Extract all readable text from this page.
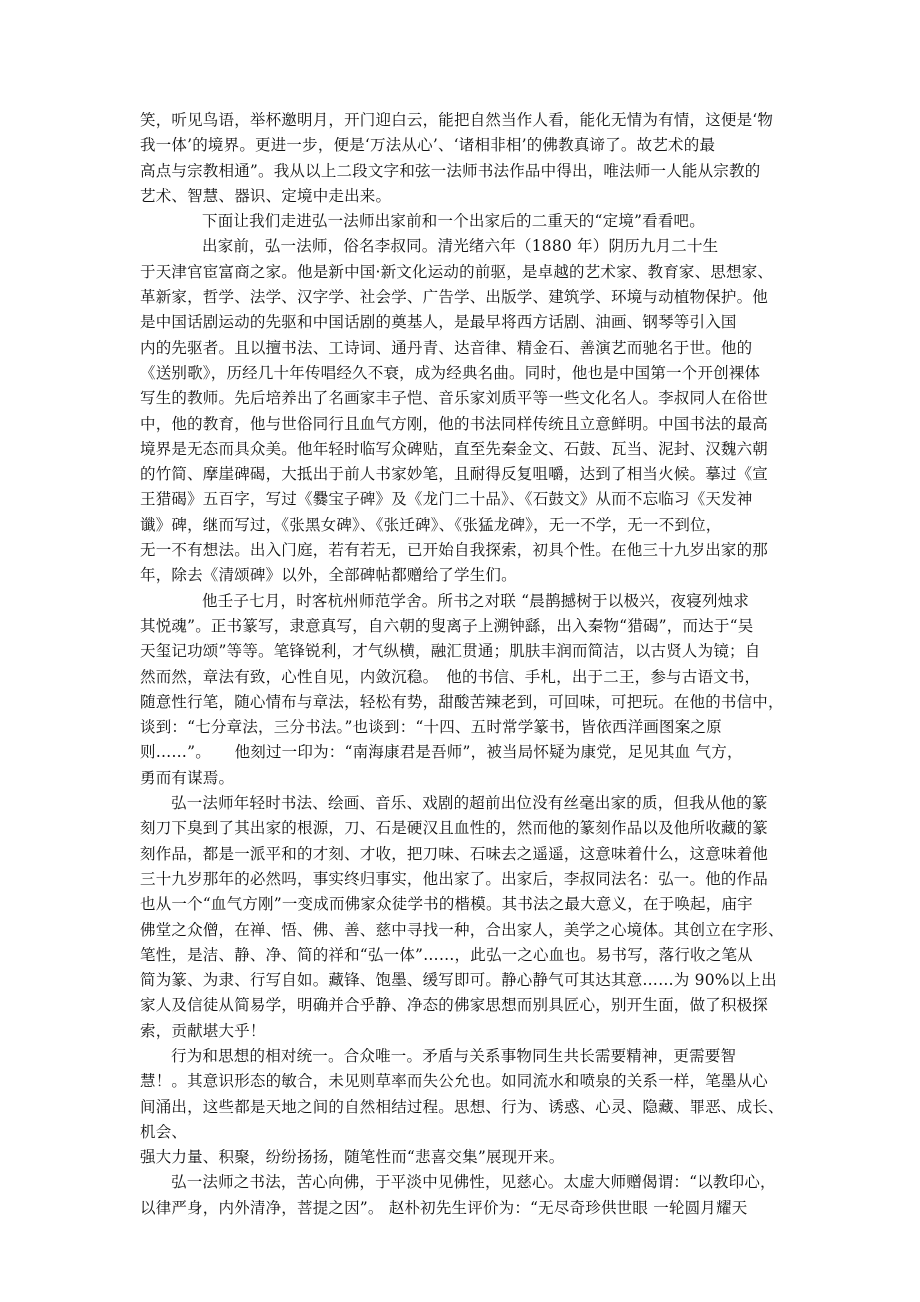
笑，听见鸟语，举杯邀明月，开门迎白云，能把自然当作人看，能化无情为有情，这便是‘物
我一体’的境界。更进一步，便是‘万法从心’、‘诸相非相’的佛教真谛了。故艺术的最
高点与宗教相通”。我从以上二段文字和弦一法师书法作品中得出，唯法师一人能从宗教的
艺术、智慧、器识、定境中走出来。

下面让我们走进弘一法师出家前和一个出家后的二重天的“定境”看看吧。

出家前，弘一法师，俗名李叔同。清光绪六年（1880 年）阴历九月二十生
于天津官宦富商之家。他是新中国·新文化运动的前驱，是卓越的艺术家、教育家、思想家、
革新家，哲学、法学、汉字学、社会学、广告学、出版学、建筑学、环境与动植物保护。他
是中国话剧运动的先驱和中国话剧的奠基人，是最早将西方话剧、油画、钢琴等引入国
内的先驱者。且以擅书法、工诗词、通丹青、达音律、精金石、善演艺而驰名于世。他的
《送别歌》，历经几十年传唱经久不衰，成为经典名曲。同时，他也是中国第一个开创裸体
写生的教师。先后培养出了名画家丰子恺、音乐家刘质平等一些文化名人。李叔同人在俗世
中，他的教育，他与世俗同行且血气方刚，他的书法同样传统且立意鲜明。中国书法的最高
境界是无态而具众美。他年轻时临写众碑贴，直至先秦金文、石鼓、瓦当、泥封、汉魏六朝
的竹简、摩崖碑碣，大抵出于前人书家妙笔，且耐得反复咀嚼，达到了相当火候。摹过《宣
王猎碣》五百字，写过《爨宝子碑》及《龙门二十品》、《石鼓文》从而不忘临习《天发神
谶》碑，继而写过，《张黑女碑》、《张迁碑》、《张猛龙碑》，无一不学，无一不到位，
无一不有想法。出入门庭，若有若无，已开始自我探索，初具个性。在他三十九岁出家的那
年，除去《清颂碑》以外，全部碑帖都赠给了学生们。

他壬子七月，时客杭州师范学舍。所书之对联 “晨鹊撼树于以极兴，夜寝列烛求
其悦魂”。正书篆写，隶意真写，自六朝的叟离子上溯钟繇，出入秦物“猎碣”，而达于“吴
天玺记功颂”等等。笔锋锐利，才气纵横，融汇贯通；肌肤丰润而简洁，以古贤人为镜；自
然而然，章法有致，心性自见，内敛沉稳。　他的书信、手札，出于二王，参与古语文书，
随意性行笔，随心情布与章法，轻松有势，甜酸苦辣老到，可回味，可把玩。在他的书信中，
谈到：“七分章法，三分书法。”也谈到：“十四、五时常学篆书，皆依西洋画图案之原
则……”。　　他刻过一印为：“南海康君是吾师”，被当局怀疑为康党，足见其血 气方，
勇而有谋焉。

弘一法师年轻时书法、绘画、音乐、戏剧的超前出位没有丝毫出家的质，但我从他的篆
刻刀下臭到了其出家的根源，刀、石是硬汉且血性的，然而他的篆刻作品以及他所收藏的篆
刻作品，都是一派平和的才刻、才收，把刀味、石味去之遥遥，这意味着什么，这意味着他
三十九岁那年的必然吗，事实终归事实，他出家了。出家后，李叔同法名：弘一。他的作品
也从一个“血气方刚”一变成而佛家众徒学书的楷模。其书法之最大意义，在于唤起，庙宇
佛堂之众僧，在禅、悟、佛、善、慈中寻找一种，合出家人，美学之心境体。其创立在字形、
笔性，是洁、静、净、简的祥和“弘一体”……，此弘一之心血也。易书写，落行收之笔从
简为篆、为隶、行写自如。藏锋、饱墨、缓写即可。静心静气可其达其意……为 90%以上出
家人及信徒从简易学，明确并合乎静、净态的佛家思想而别具匠心，别开生面，做了积极探
索，贡献堪大乎！

行为和思想的相对统一。合众唯一。矛盾与关系事物同生共长需要精神，更需要智
慧！。其意识形态的敏合，未见则草率而失公允也。如同流水和喷泉的关系一样，笔墨从心
间涌出，这些都是天地之间的自然相结过程。思想、行为、诱惑、心灵、隐藏、罪恶、成长、
机会、
强大力量、积聚，纷纷扬扬，随笔性而“悲喜交集”展现开来。

弘一法师之书法，苦心向佛，于平淡中见佛性，见慈心。太虚大师赠偈谓：“以教印心，
以律严身，内外清净，菩提之因”。 赵朴初先生评价为：“无尽奇珍供世眼 一轮圆月耀天
